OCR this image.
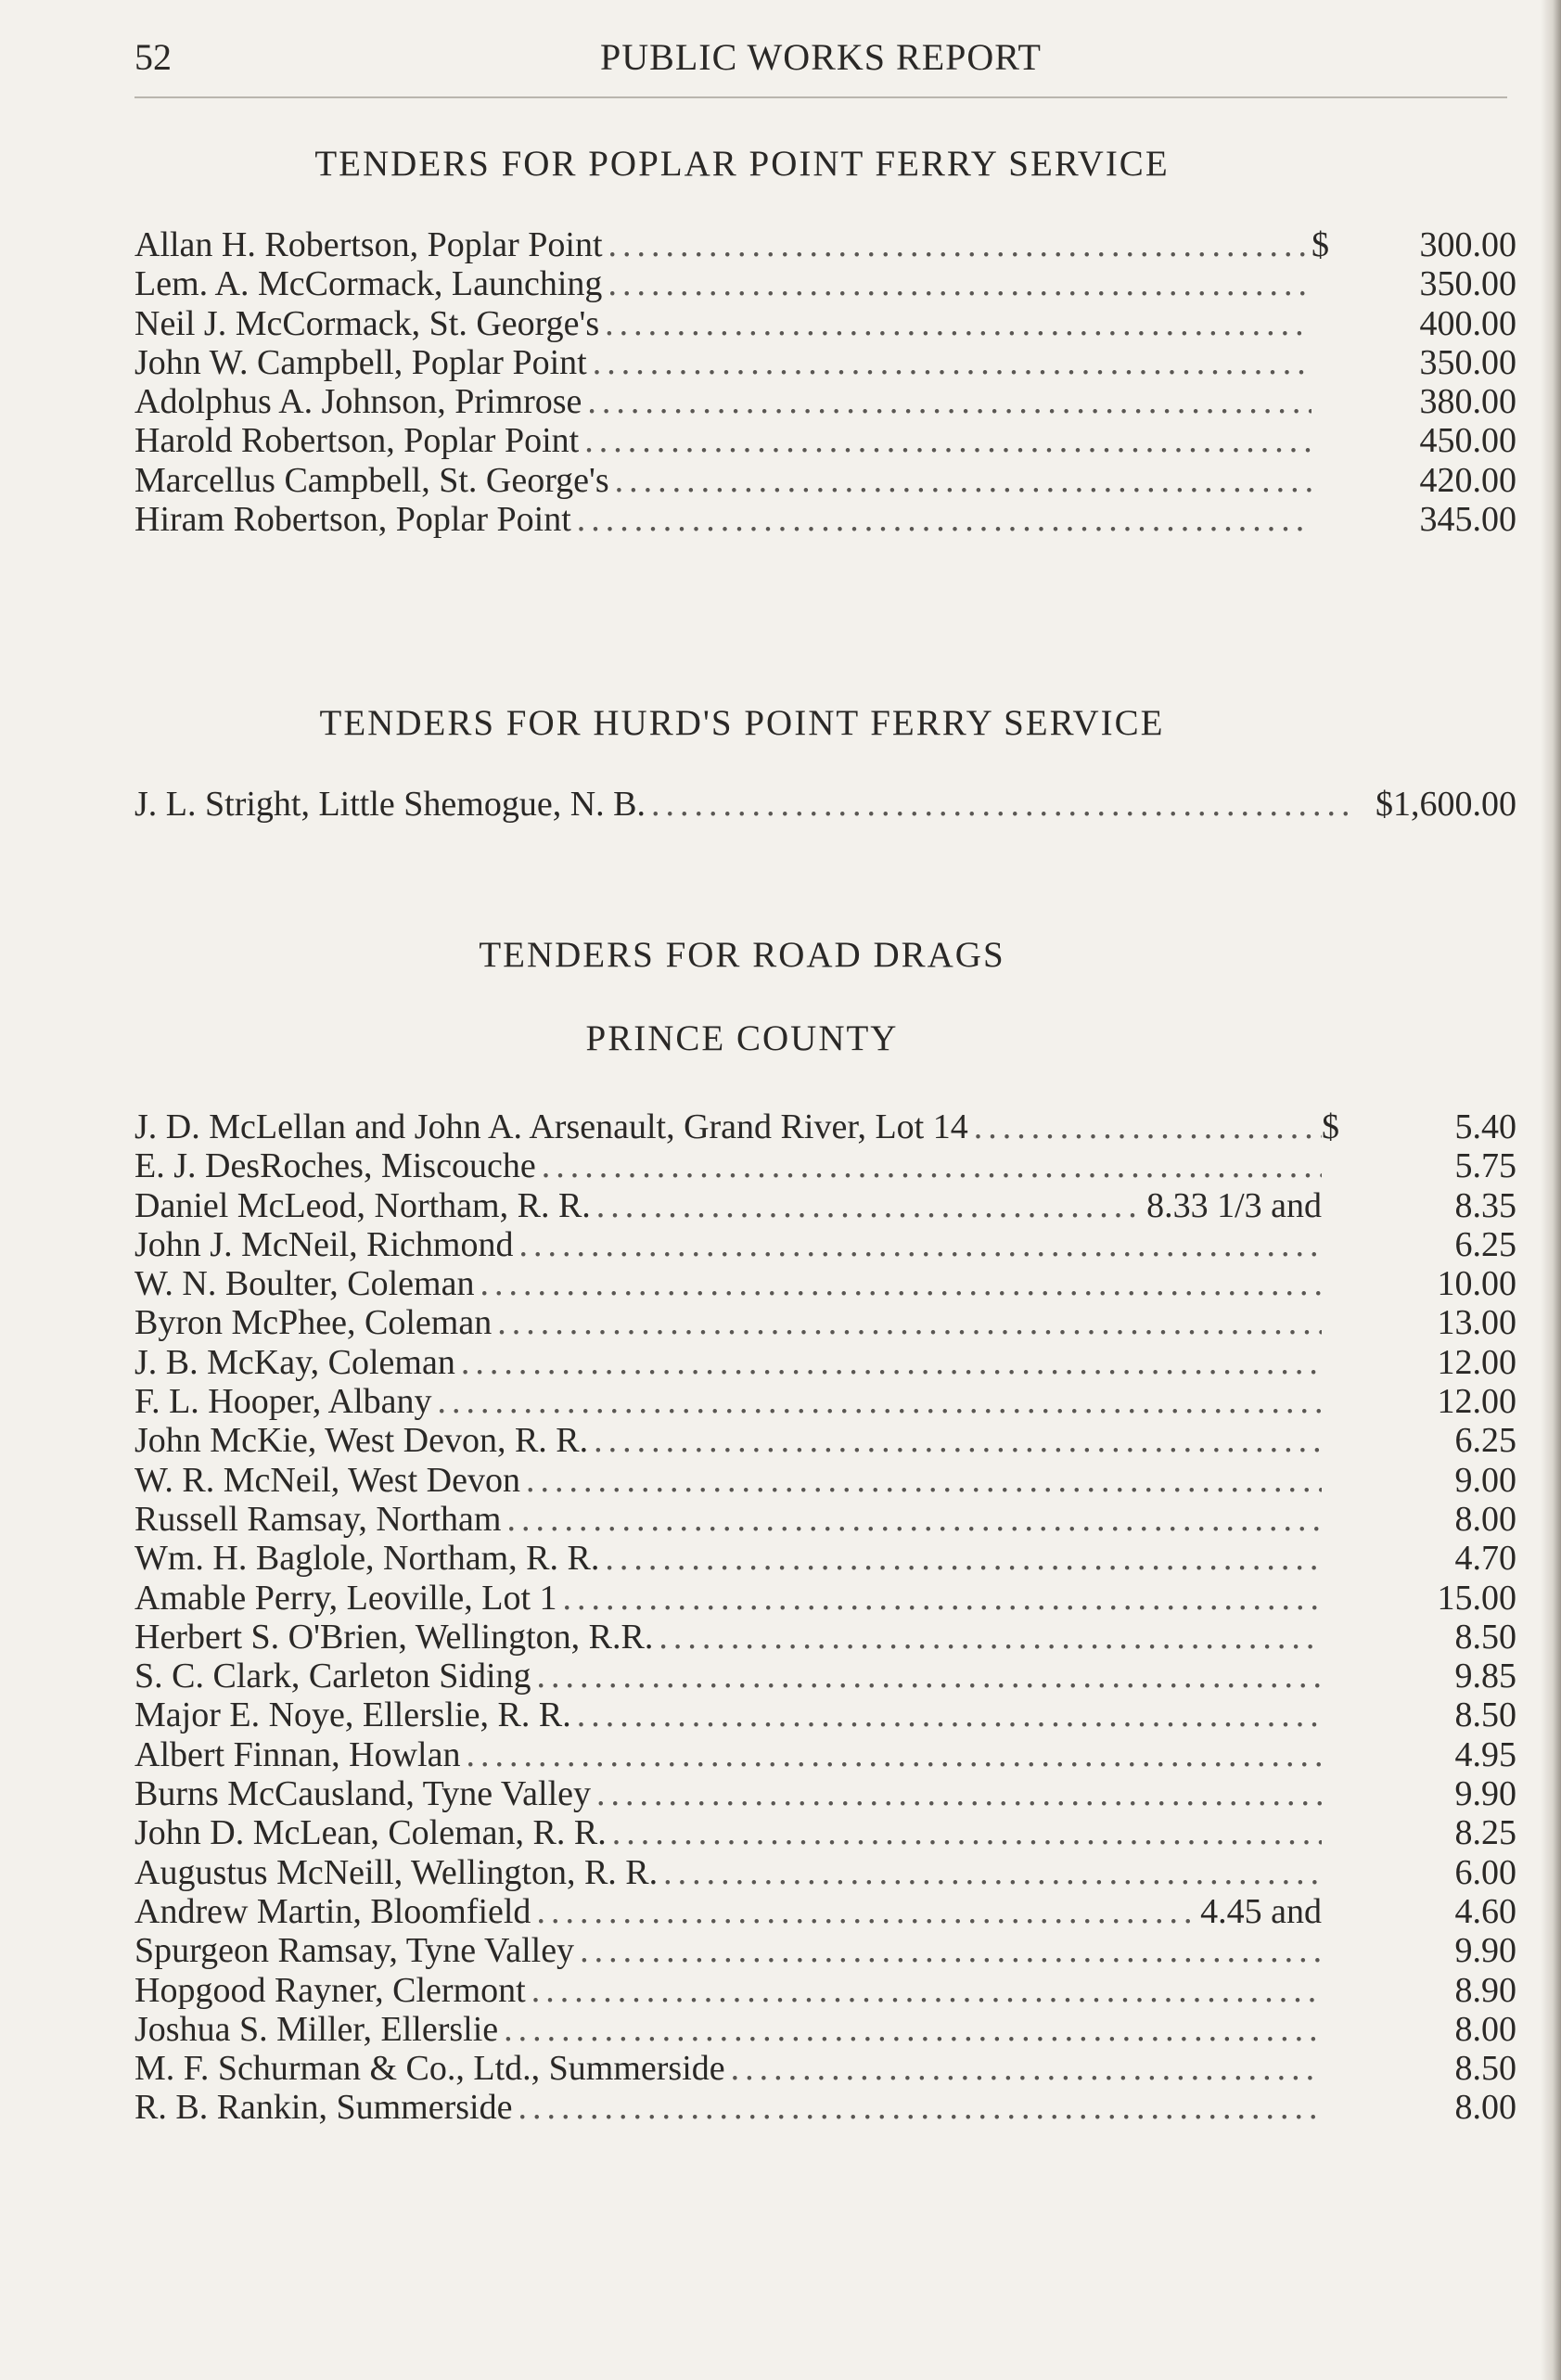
52	PUBLIC WORKS REPORT
TENDERS FOR POPLAR POINT FERRY SERVICE
Allan H. Robertson, Poplar Point .....	$	300.00
Lem. A. McCormack, Launching .....	350.00
Neil J. McCormack, St. George's .....	400.00
John W. Campbell, Poplar Point .....	350.00
Adolphus A. Johnson, Primrose .....	380.00
Harold Robertson, Poplar Point .....	450.00
Marcellus Campbell, St. George's .....	420.00
Hiram Robertson, Poplar Point .....	345.00
TENDERS FOR HURD'S POINT FERRY SERVICE
J. L. Stright, Little Shemogue, N. B. .....	$1,600.00
TENDERS FOR ROAD DRAGS
PRINCE COUNTY
J. D. McLellan and John A. Arsenault, Grand River, Lot 14 .....	$	5.40
E. J. DesRoches, Miscouche .....	5.75
Daniel McLeod, Northam, R. R. .....	8.33 1/3 and	8.35
John J. McNeil, Richmond .....	6.25
W. N. Boulter, Coleman .....	10.00
Byron McPhee, Coleman .....	13.00
J. B. McKay, Coleman .....	12.00
F. L. Hooper, Albany .....	12.00
John McKie, West Devon, R. R. .....	6.25
W. R. McNeil, West Devon .....	9.00
Russell Ramsay, Northam .....	8.00
Wm. H. Baglole, Northam, R. R. .....	4.70
Amable Perry, Leoville, Lot 1 .....	15.00
Herbert S. O'Brien, Wellington, R.R. .....	8.50
S. C. Clark, Carleton Siding .....	9.85
Major E. Noye, Ellerslie, R. R. .....	8.50
Albert Finnan, Howlan .....	4.95
Burns McCausland, Tyne Valley .....	9.90
John D. McLean, Coleman, R. R. .....	8.25
Augustus McNeill, Wellington, R. R. .....	6.00
Andrew Martin, Bloomfield .....	4.45 and	4.60
Spurgeon Ramsay, Tyne Valley .....	9.90
Hopgood Rayner, Clermont .....	8.90
Joshua S. Miller, Ellerslie .....	8.00
M. F. Schurman & Co., Ltd., Summerside .....	8.50
R. B. Rankin, Summerside .....	8.00
